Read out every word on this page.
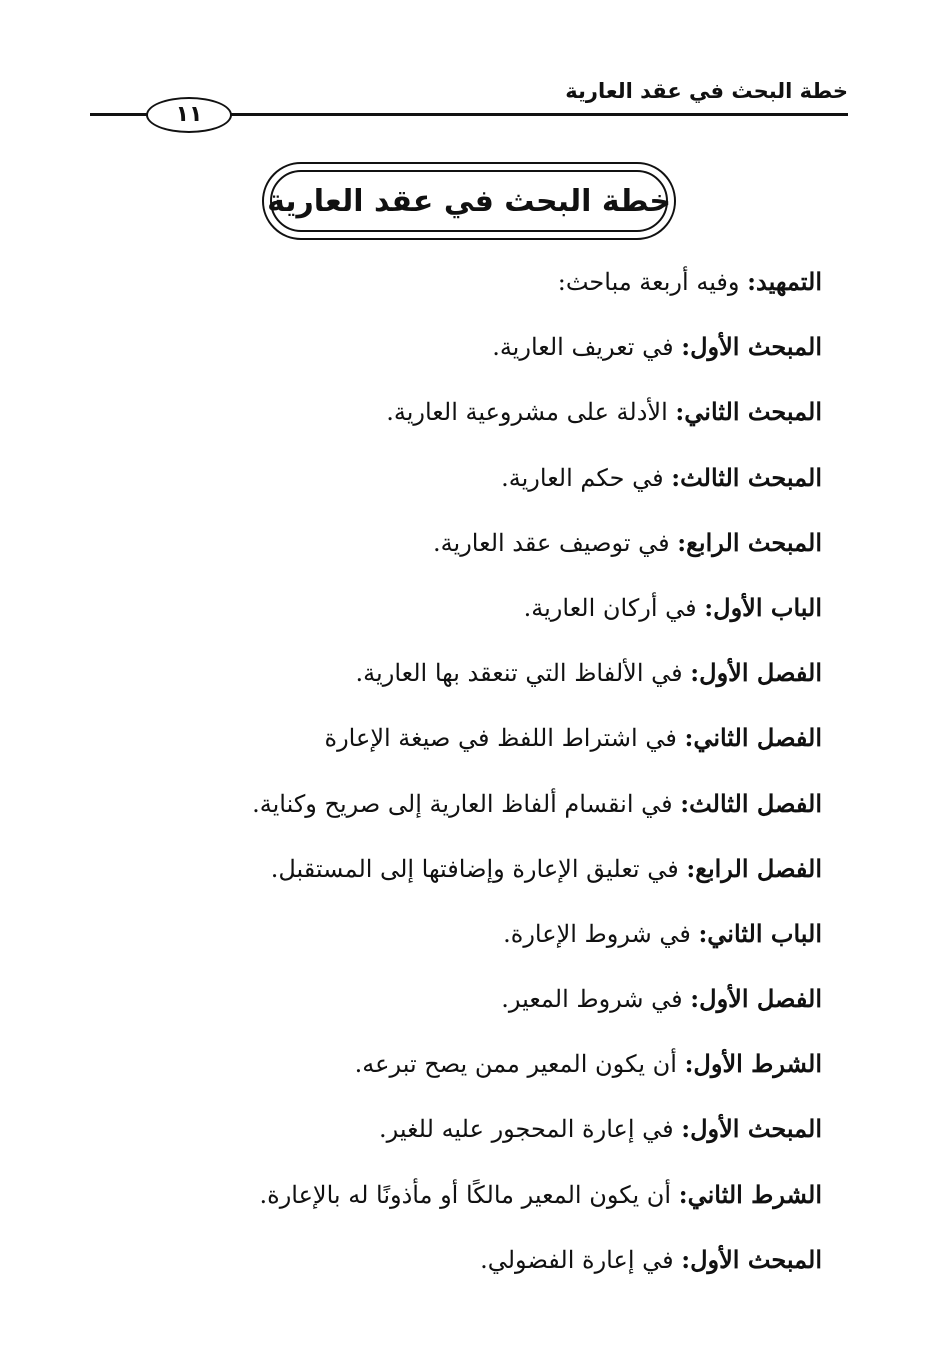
خطة البحث في عقد العارية
١١
خطة البحث في عقد العارية
التمهيد: وفيه أربعة مباحث:
المبحث الأول: في تعريف العارية.
المبحث الثاني: الأدلة على مشروعية العارية.
المبحث الثالث: في حكم العارية.
المبحث الرابع: في توصيف عقد العارية.
الباب الأول: في أركان العارية.
الفصل الأول: في الألفاظ التي تنعقد بها العارية.
الفصل الثاني: في اشتراط اللفظ في صيغة الإعارة
الفصل الثالث: في انقسام ألفاظ العارية إلى صريح وكناية.
الفصل الرابع: في تعليق الإعارة وإضافتها إلى المستقبل.
الباب الثاني: في شروط الإعارة.
الفصل الأول: في شروط المعير.
الشرط الأول: أن يكون المعير ممن يصح تبرعه.
المبحث الأول: في إعارة المحجور عليه للغير.
الشرط الثاني: أن يكون المعير مالكًا أو مأذونًا له بالإعارة.
المبحث الأول: في إعارة الفضولي.
